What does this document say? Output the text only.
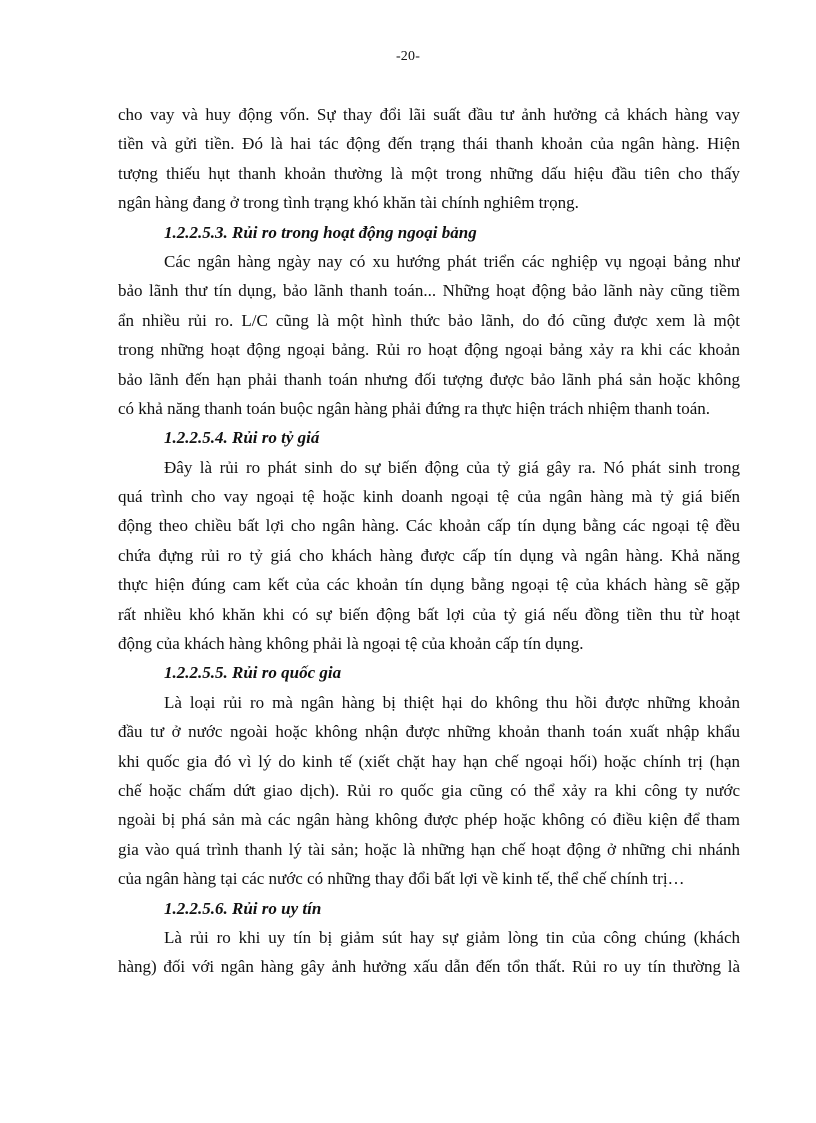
-20-
cho vay và huy động vốn. Sự thay đổi lãi suất đầu tư ảnh hưởng cả khách hàng vay
tiền và gửi tiền. Đó là hai tác động đến trạng thái thanh khoản của ngân hàng. Hiện
tượng thiếu hụt thanh khoản thường là một trong những dấu hiệu đầu tiên cho thấy
ngân hàng đang ở trong tình trạng khó khăn tài chính nghiêm trọng.
1.2.2.5.3. Rủi ro trong hoạt động ngoại bảng
Các ngân hàng ngày nay có xu hướng phát triển các nghiệp vụ ngoại bảng như
bảo lãnh thư tín dụng, bảo lãnh thanh toán... Những hoạt động bảo lãnh này cũng tiềm
ẩn nhiều rủi ro. L/C cũng là một hình thức bảo lãnh, do đó cũng được xem là một
trong những hoạt động ngoại bảng. Rủi ro hoạt động ngoại bảng xảy ra khi các khoản
bảo lãnh đến hạn phải thanh toán nhưng đối tượng được bảo lãnh phá sản hoặc không
có khả năng thanh toán buộc ngân hàng phải đứng ra thực hiện trách nhiệm thanh toán.
1.2.2.5.4. Rủi ro tỷ giá
Đây là rủi ro phát sinh do sự biến động của tỷ giá gây ra. Nó phát sinh trong
quá trình cho vay ngoại tệ hoặc kinh doanh ngoại tệ của ngân hàng mà tỷ giá biến
động theo chiều bất lợi cho ngân hàng. Các khoản cấp tín dụng bằng các ngoại tệ đều
chứa đựng rủi ro tỷ giá cho khách hàng được cấp tín dụng và ngân hàng. Khả năng
thực hiện đúng cam kết của các khoản tín dụng bằng ngoại tệ của khách hàng sẽ gặp
rất nhiều khó khăn khi có sự biến động bất lợi của tỷ giá nếu đồng tiền thu từ hoạt
động của khách hàng không phải là ngoại tệ của khoản cấp tín dụng.
1.2.2.5.5. Rủi ro quốc gia
Là loại rủi ro mà ngân hàng bị thiệt hại do không thu hồi được những khoản
đầu tư ở nước ngoài hoặc không nhận được những khoản thanh toán xuất nhập khẩu
khi quốc gia đó vì lý do kinh tế (xiết chặt hay hạn chế ngoại hối) hoặc chính trị (hạn
chế hoặc chấm dứt giao dịch). Rủi ro quốc gia cũng có thể xảy ra khi công ty nước
ngoài bị phá sản mà các ngân hàng không được phép hoặc không có điều kiện để tham
gia vào quá trình thanh lý tài sản; hoặc là những hạn chế hoạt động ở những chi nhánh
của ngân hàng tại các nước có những thay đổi bất lợi về kinh tế, thể chế chính trị…
1.2.2.5.6. Rủi ro uy tín
Là rủi ro khi uy tín bị giảm sút hay sự giảm lòng tin của công chúng (khách
hàng) đối với ngân hàng gây ảnh hưởng xấu dẫn đến tổn thất. Rủi ro uy tín thường là
